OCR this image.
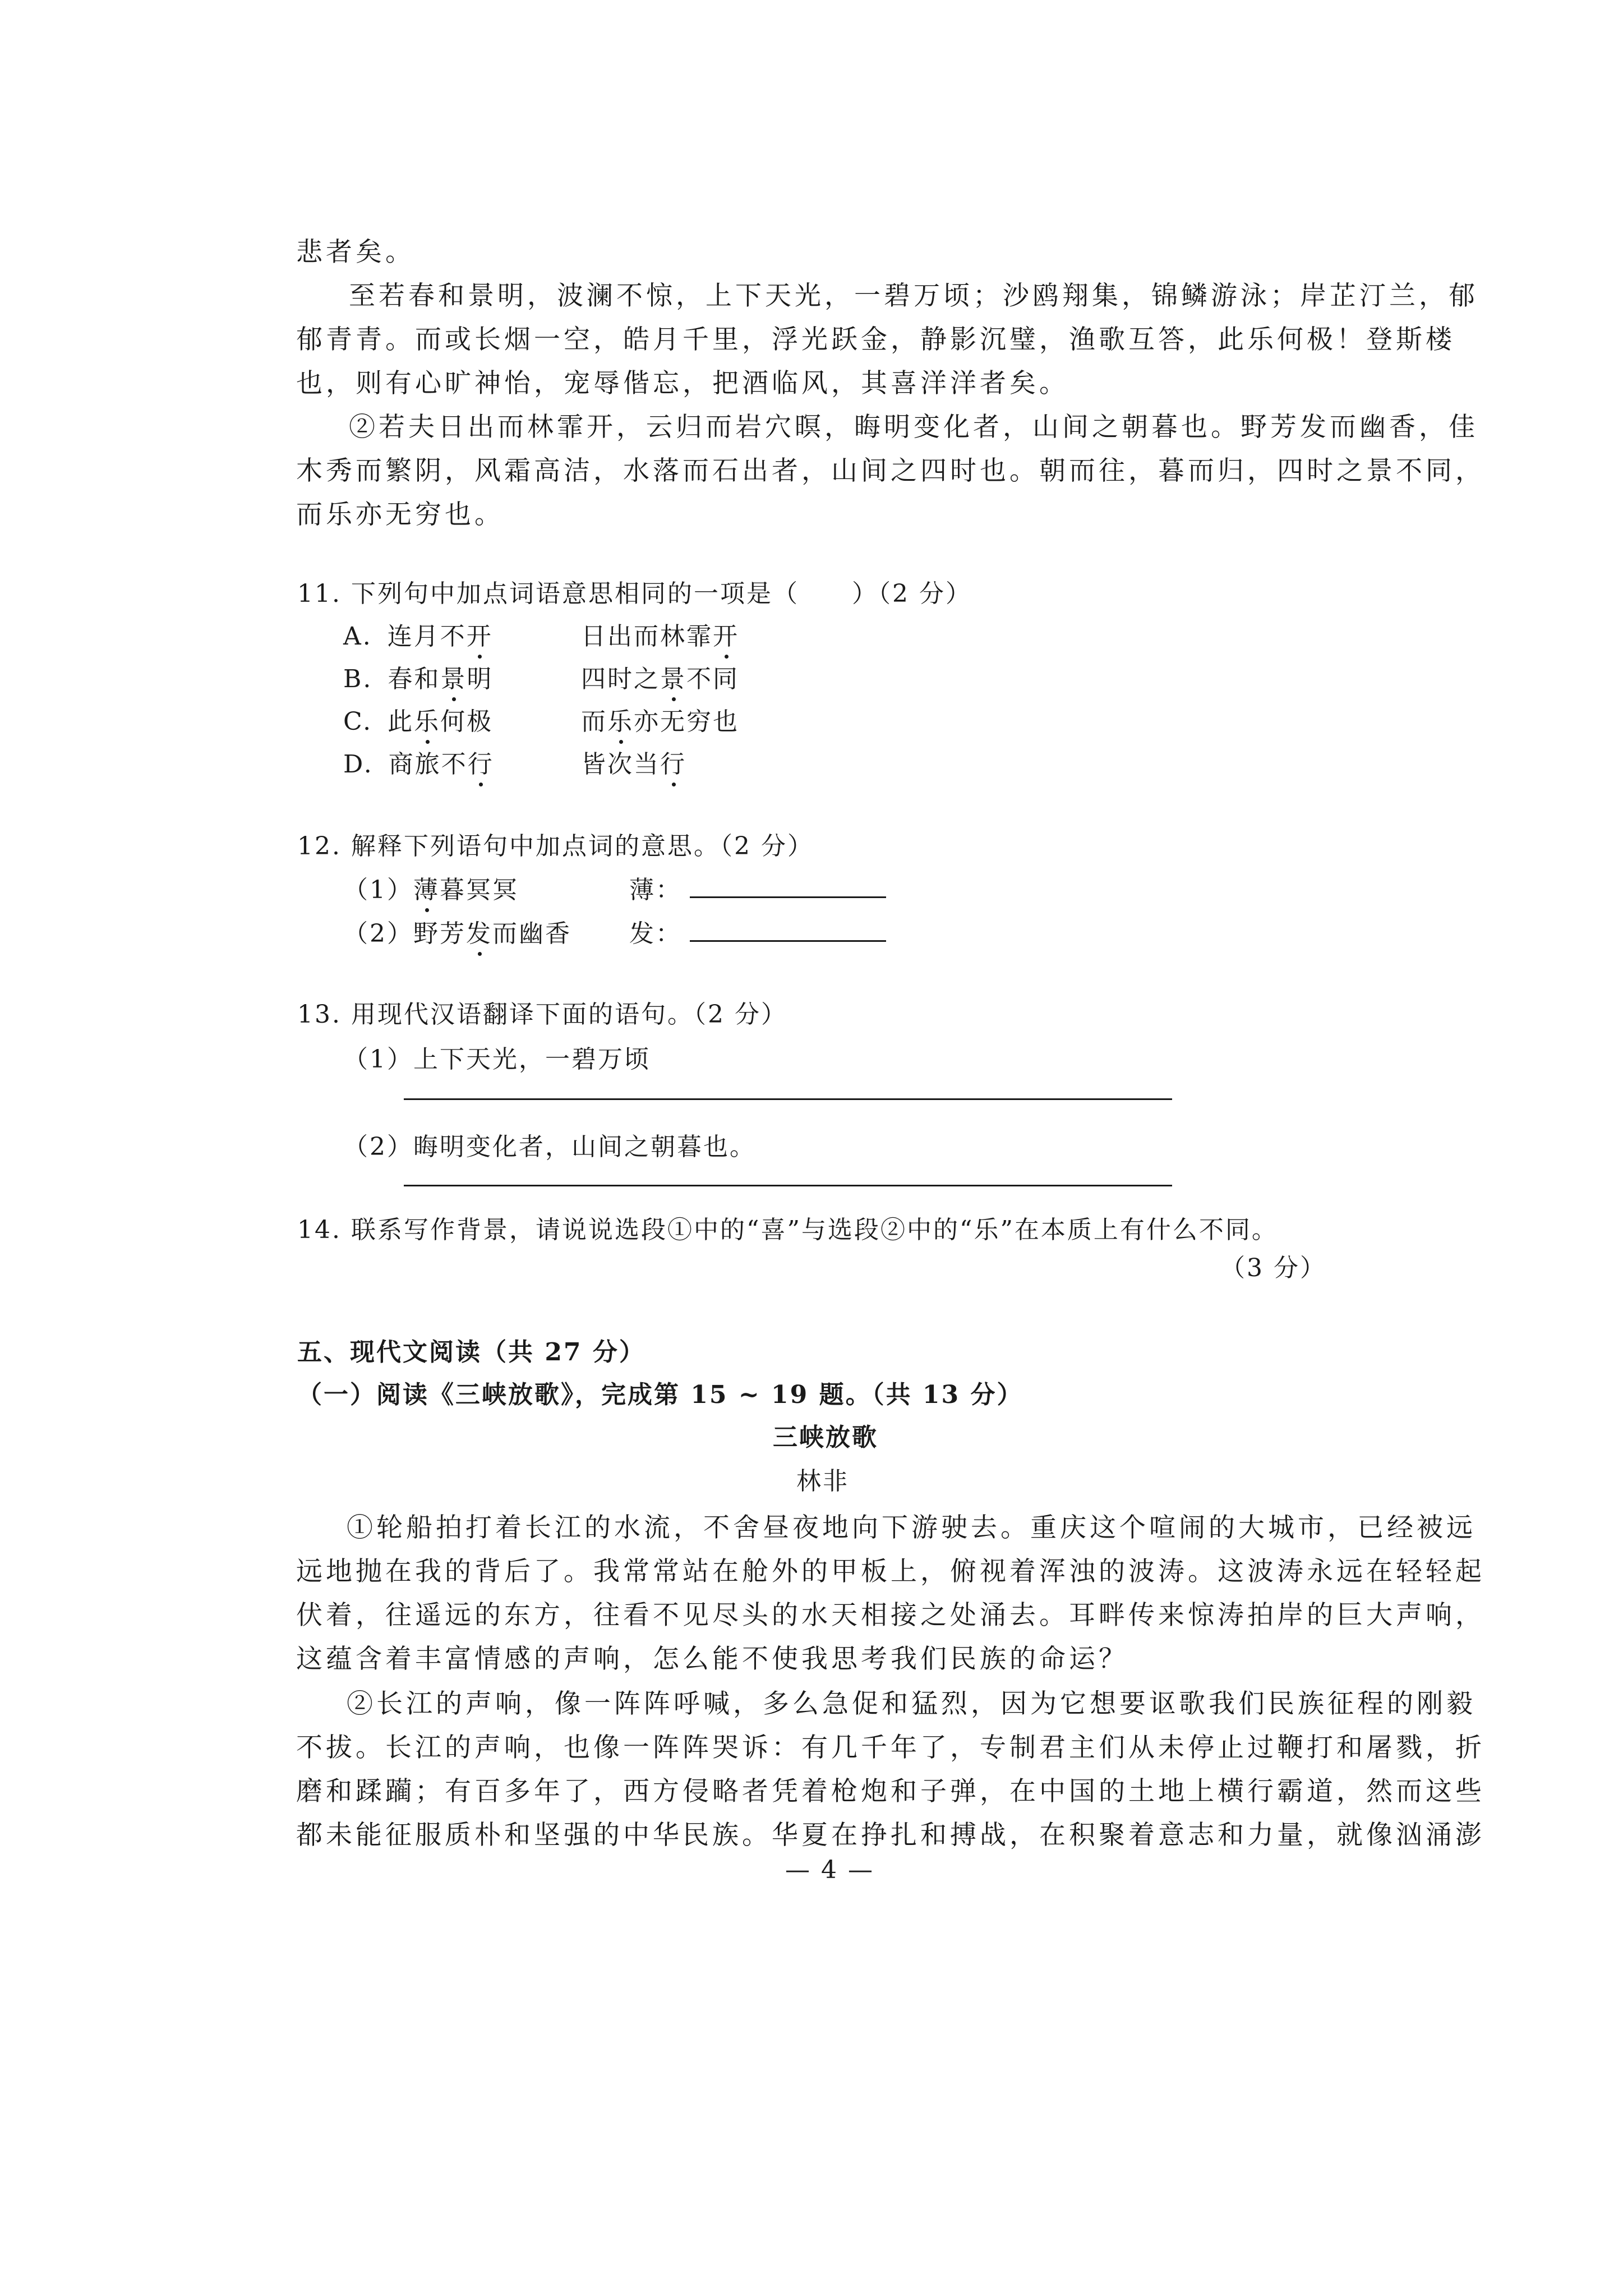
悲者矣。
至若春和景明，波澜不惊，上下天光，一碧万顷；沙鸥翔集，锦鳞游泳；岸芷汀兰，郁
郁青青。而或长烟一空，皓月千里，浮光跃金，静影沉璧，渔歌互答，此乐何极！登斯楼
也，则有心旷神怡，宠辱偕忘，把酒临风，其喜洋洋者矣。
②若夫日出而林霏开，云归而岩穴暝，晦明变化者，山间之朝暮也。野芳发而幽香，佳
木秀而繁阴，风霜高洁，水落而石出者，山间之四时也。朝而往，暮而归，四时之景不同，
而乐亦无穷也。
11. 下列句中加点词语意思相同的一项是（　　）（2 分）
A. 连月不开	日出而林霏开
B. 春和景明	四时之景不同
C. 此乐何极	而乐亦无穷也
D. 商旅不行	皆次当行
12. 解释下列语句中加点词的意思。（2 分）
（1）薄暮冥冥	薄：
（2）野芳发而幽香 发：
13. 用现代汉语翻译下面的语句。（2 分）
（1）上下天光，一碧万顷
（2）晦明变化者，山间之朝暮也。
14. 联系写作背景，请说说选段①中的“喜”与选段②中的“乐”在本质上有什么不同。
（3 分）
五、现代文阅读（共 27 分）
（一）阅读《三峡放歌》，完成第 15 ~ 19 题。（共 13 分）
三峡放歌
林非
①轮船拍打着长江的水流，不舍昼夜地向下游驶去。重庆这个喧闹的大城市，已经被远
远地抛在我的背后了。我常常站在舱外的甲板上，俯视着浑浊的波涛。这波涛永远在轻轻起
伏着，往遥远的东方，往看不见尽头的水天相接之处涌去。耳畔传来惊涛拍岸的巨大声响，
这蕴含着丰富情感的声响，怎么能不使我思考我们民族的命运？
②长江的声响，像一阵阵呼喊，多么急促和猛烈，因为它想要讴歌我们民族征程的刚毅
不拔。长江的声响，也像一阵阵哭诉：有几千年了，专制君主们从未停止过鞭打和屠戮，折
磨和蹂躏；有百多年了，西方侵略者凭着枪炮和子弹，在中国的土地上横行霸道，然而这些
都未能征服质朴和坚强的中华民族。华夏在挣扎和搏战，在积聚着意志和力量，就像汹涌澎
— 4 —
